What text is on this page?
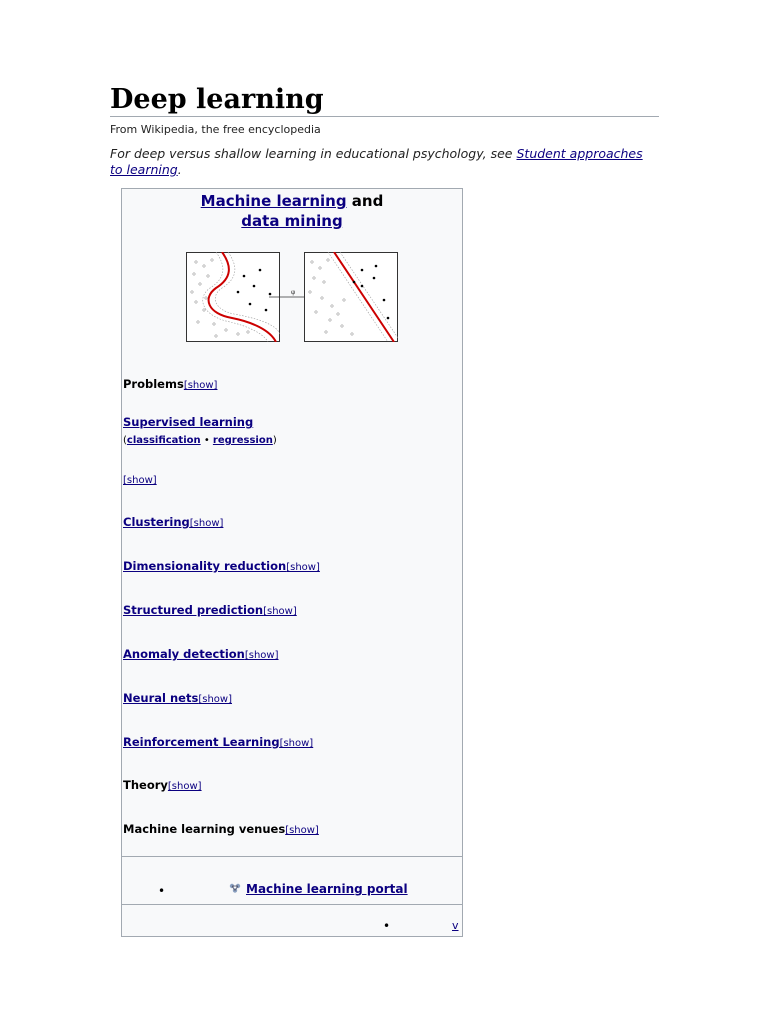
Deep learning
From Wikipedia, the free encyclopedia
For deep versus shallow learning in educational psychology, see Student approaches to learning.
Machine learning and
data mining
φ
Problems[show]
Supervised learning
(classification • regression)
[show]
Clustering[show]
Dimensionality reduction[show]
Structured prediction[show]
Anomaly detection[show]
Neural nets[show]
Reinforcement Learning[show]
Theory[show]
Machine learning venues[show]
•	Machine learning portal
•	v
